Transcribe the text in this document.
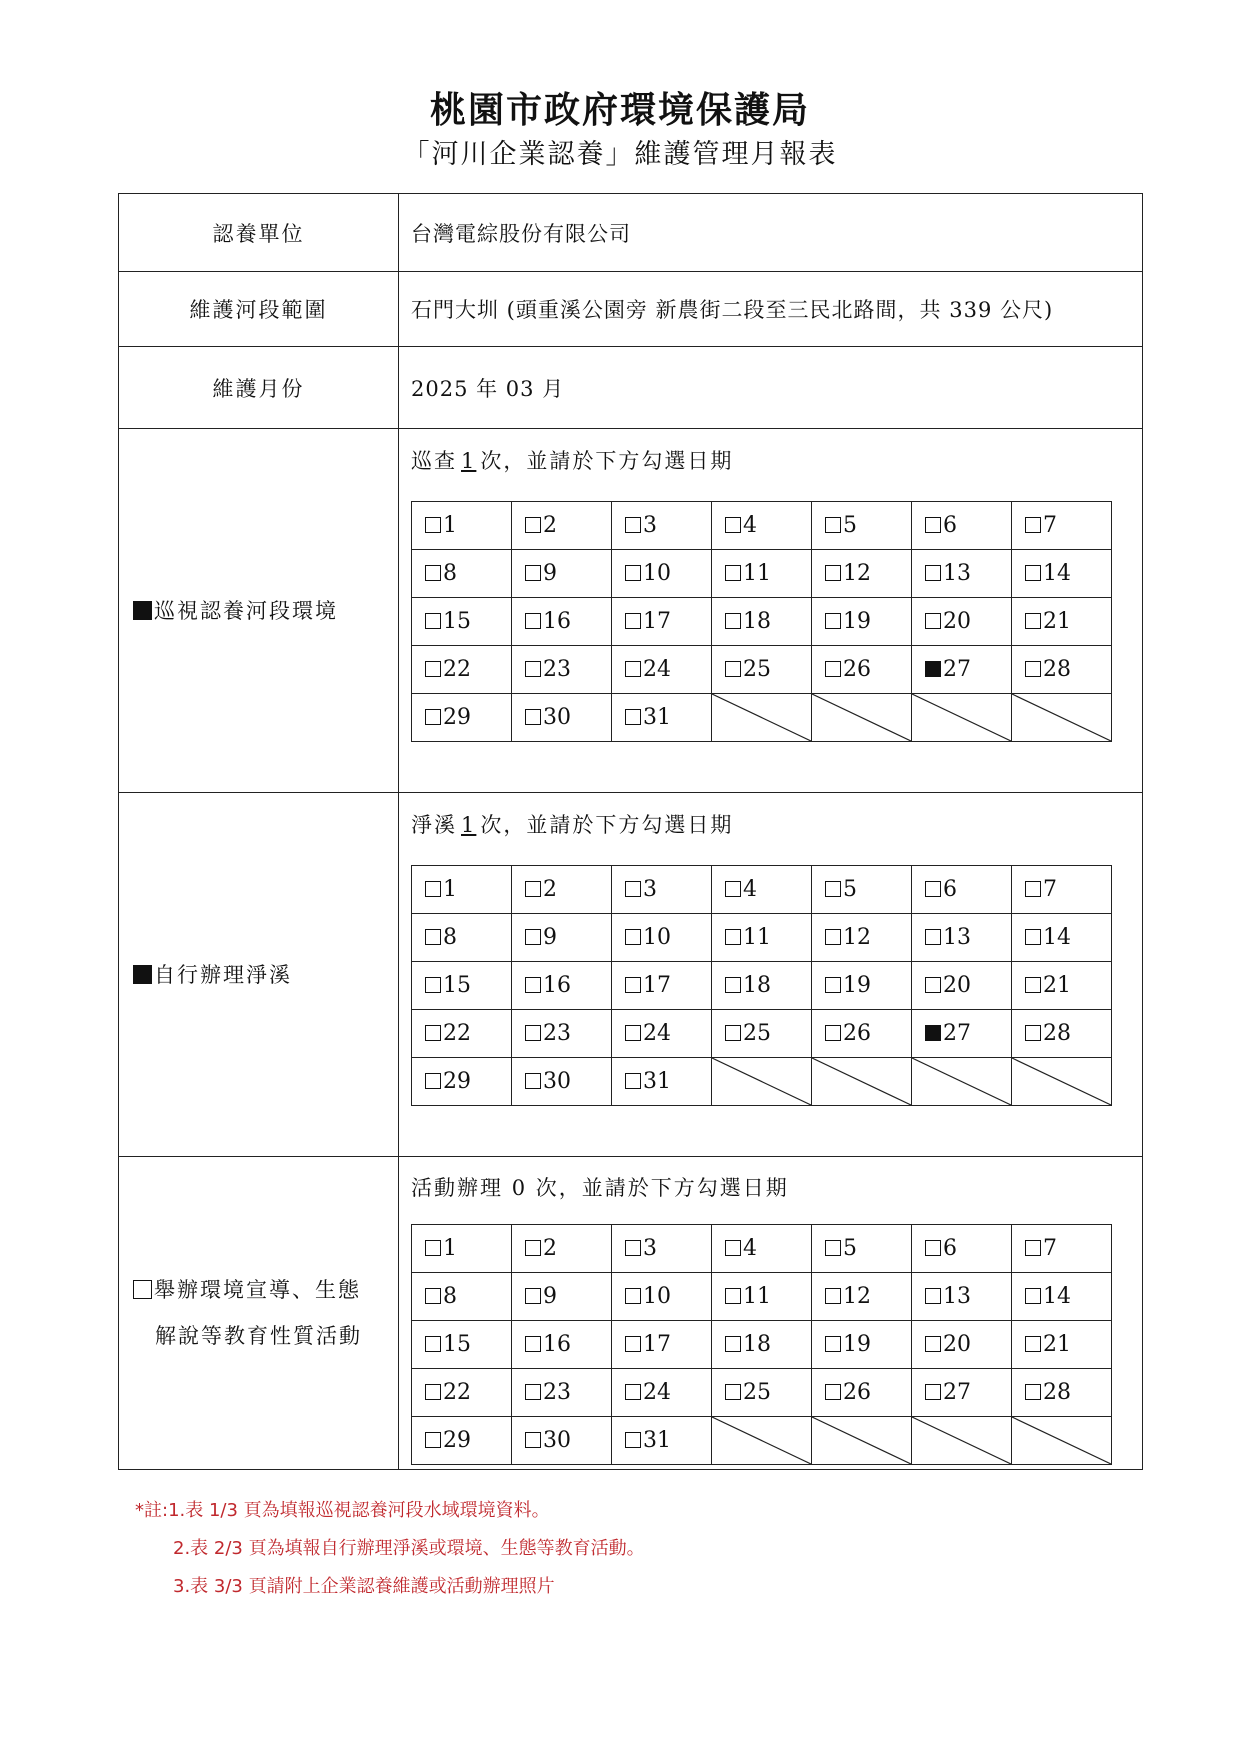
桃園市政府環境保護局
「河川企業認養」維護管理月報表
認養單位	台灣電綜股份有限公司
維護河段範圍	石門大圳 (頭重溪公園旁 新農街二段至三民北路間，共 339 公尺)
維護月份	2025 年 03 月

巡視認養河段環境

巡查 1 次，並請於下方勾選日期
1	2	3	4	5	6	7
8	9	10	11	12	13	14
15	16	17	18	19	20	21
22	23	24	25	26	27	28
29	30	31	

自行辦理淨溪

淨溪 1 次，並請於下方勾選日期
1	2	3	4	5	6	7
8	9	10	11	12	13	14
15	16	17	18	19	20	21
22	23	24	25	26	27	28
29	30	31	

舉辦環境宣導、生態
解說等教育性質活動

活動辦理 0 次，並請於下方勾選日期
1	2	3	4	5	6	7
8	9	10	11	12	13	14
15	16	17	18	19	20	21
22	23	24	25	26	27	28
29	30	31	

*註:1.表 1/3 頁為填報巡視認養河段水域環境資料。
2.表 2/3 頁為填報自行辦理淨溪或環境、生態等教育活動。
3.表 3/3 頁請附上企業認養維護或活動辦理照片
